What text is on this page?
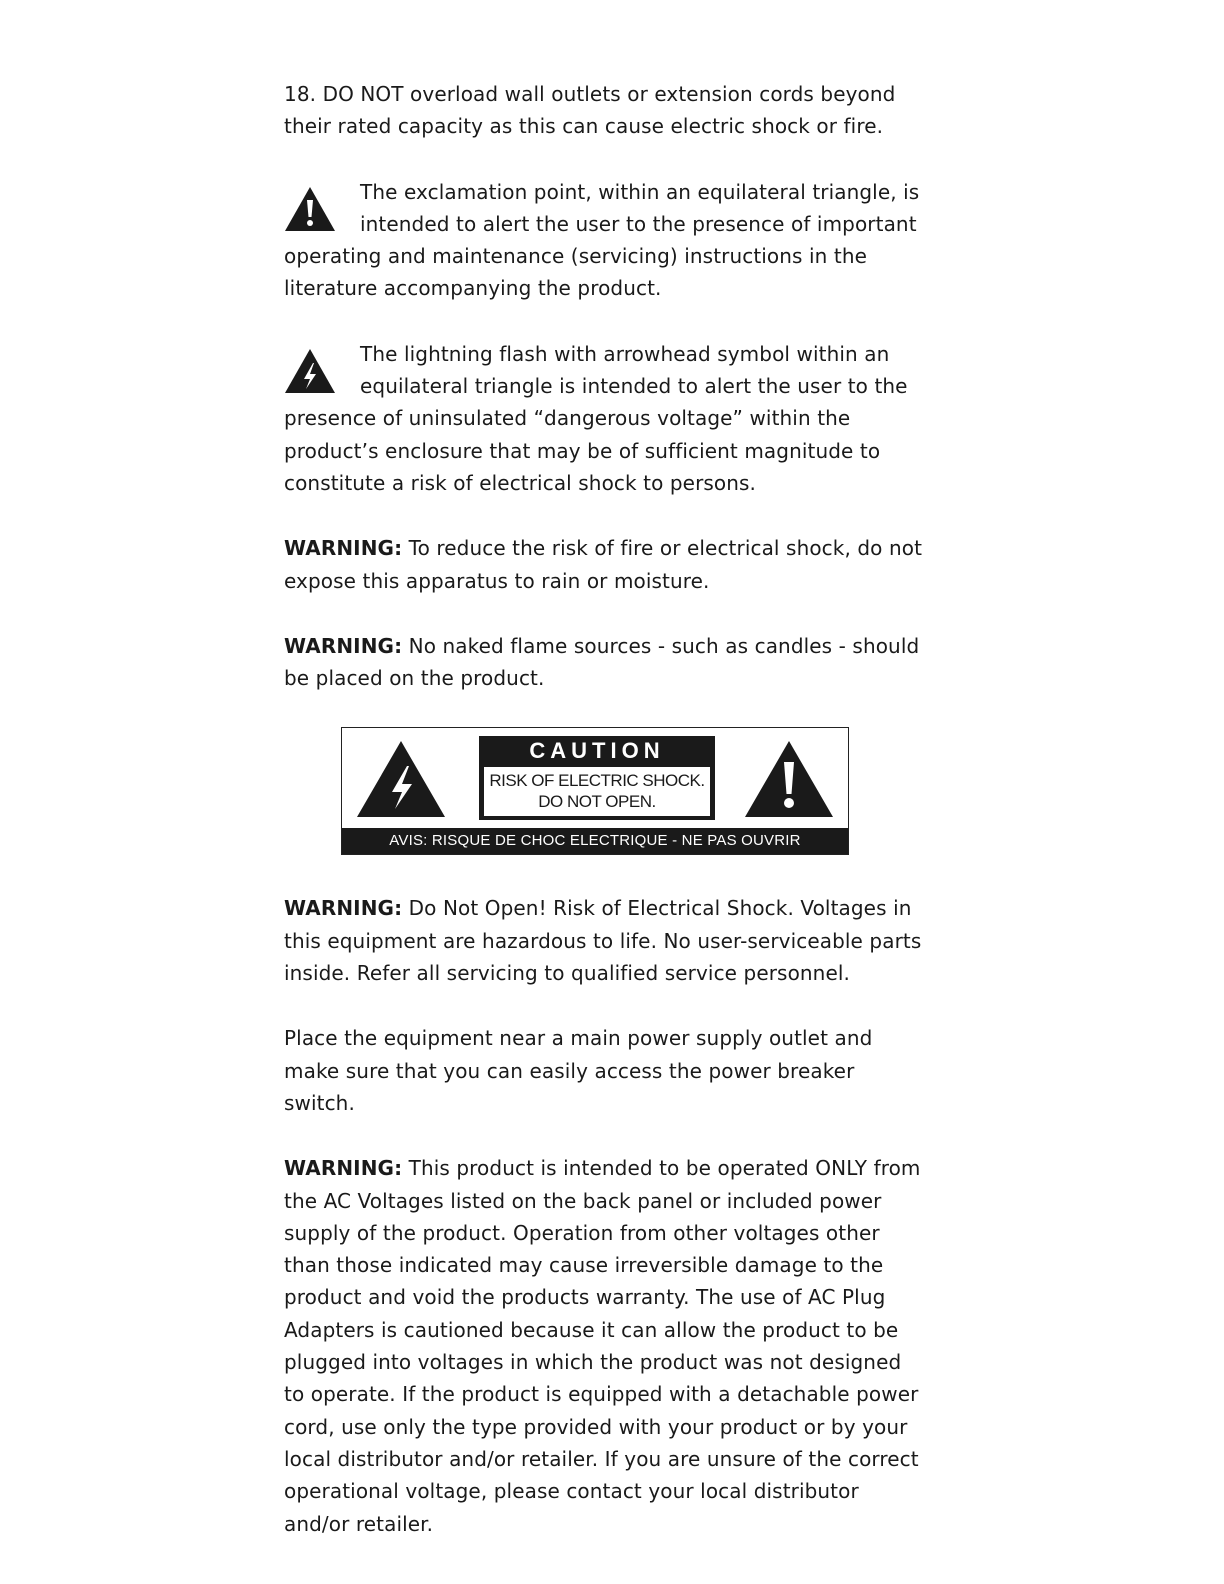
18. DO NOT overload wall outlets or extension cords beyond their rated capacity as this can cause electric shock or fire.

The exclamation point, within an equilateral triangle, is intended to alert the user to the presence of important operating and maintenance (servicing) instructions in the literature accompanying the product.
The lightning flash with arrowhead symbol within an equilateral triangle is intended to alert the user to the presence of uninsulated “dangerous voltage” within the product’s enclosure that may be of sufficient magnitude to constitute a risk of electrical shock to persons.

WARNING: To reduce the risk of fire or electrical shock, do not expose this apparatus to rain or moisture.

WARNING: No naked flame sources - such as candles - should be placed on the product.

CAUTION
RISK OF ELECTRIC SHOCK.
DO NOT OPEN.
AVIS: RISQUE DE CHOC ELECTRIQUE - NE PAS OUVRIR

WARNING: Do Not Open! Risk of Electrical Shock. Voltages in this equipment are hazardous to life. No user-serviceable parts inside. Refer all servicing to qualified service personnel.

Place the equipment near a main power supply outlet and make sure that you can easily access the power breaker switch.

WARNING: This product is intended to be operated ONLY from the AC Voltages listed on the back panel or included power supply of the product. Operation from other voltages other than those indicated may cause irreversible damage to the product and void the products warranty. The use of AC Plug Adapters is cautioned because it can allow the product to be plugged into voltages in which the product was not designed to operate. If the product is equipped with a detachable power cord, use only the type provided with your product or by your local distributor and/or retailer. If you are unsure of the correct operational voltage, please contact your local distributor and/or retailer.
